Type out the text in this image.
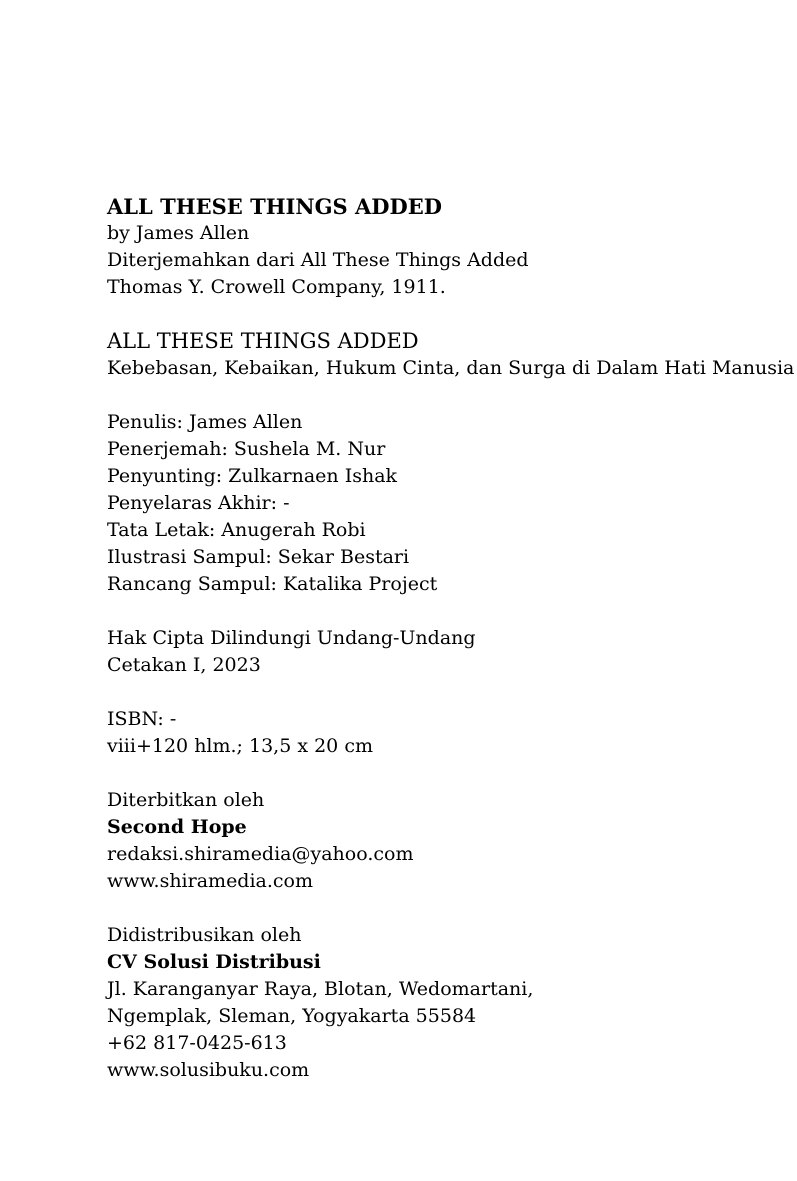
ALL THESE THINGS ADDED
by James Allen
Diterjemahkan dari All These Things Added
Thomas Y. Crowell Company, 1911.
ALL THESE THINGS ADDED
Kebebasan, Kebaikan, Hukum Cinta, dan Surga di Dalam Hati Manusia
Penulis: James Allen
Penerjemah: Sushela M. Nur
Penyunting: Zulkarnaen Ishak
Penyelaras Akhir: -
Tata Letak: Anugerah Robi
Ilustrasi Sampul: Sekar Bestari
Rancang Sampul: Katalika Project
Hak Cipta Dilindungi Undang-Undang
Cetakan I, 2023
ISBN: -
viii+120 hlm.; 13,5 x 20 cm
Diterbitkan oleh
Second Hope
redaksi.shiramedia@yahoo.com
www.shiramedia.com
Didistribusikan oleh
CV Solusi Distribusi
Jl. Karanganyar Raya, Blotan, Wedomartani,
Ngemplak, Sleman, Yogyakarta 55584
+62 817-0425-613
www.solusibuku.com
